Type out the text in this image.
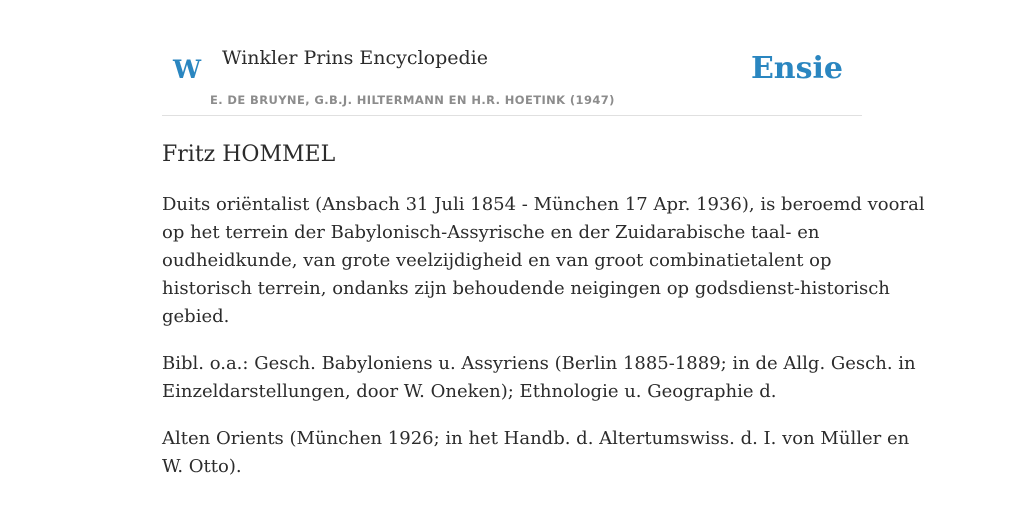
W Winkler Prins Encyclopedie
E. DE BRUYNE, G.B.J. HILTERMANN EN H.R. HOETINK (1947)
Ensie
Fritz HOMMEL

Duits oriëntalist (Ansbach 31 Juli 1854 - München 17 Apr. 1936), is beroemd vooral
op het terrein der Babylonisch-Assyrische en der Zuidarabische taal- en
oudheidkunde, van grote veelzijdigheid en van groot combinatietalent op
historisch terrein, ondanks zijn behoudende neigingen op godsdienst-historisch
gebied.

Bibl. o.a.: Gesch. Babyloniens u. Assyriens (Berlin 1885-1889; in de Allg. Gesch. in
Einzeldarstellungen, door W. Oneken); Ethnologie u. Geographie d.

Alten Orients (München 1926; in het Handb. d. Altertumswiss. d. I. von Müller en
W. Otto).
